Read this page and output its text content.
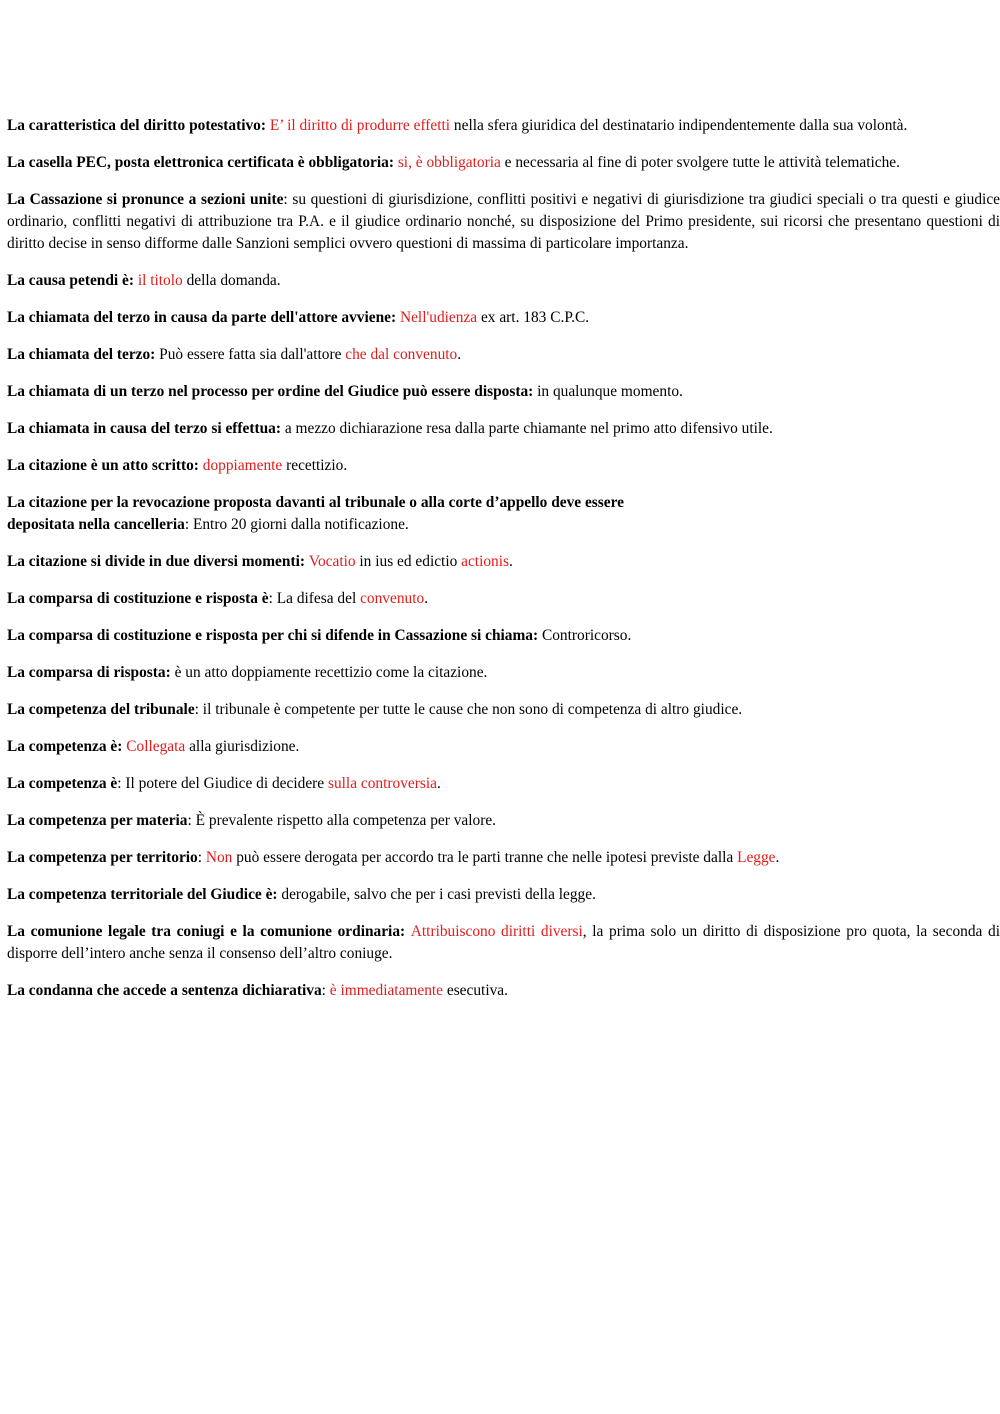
La caratteristica del diritto potestativo: E’ il diritto di produrre effetti nella sfera giuridica del destinatario indipendentemente dalla sua volontà.

La casella PEC, posta elettronica certificata è obbligatoria: si, è obbligatoria e necessaria al fine di poter svolgere tutte le attività telematiche.

La Cassazione si pronunce a sezioni unite: su questioni di giurisdizione, conflitti positivi e negativi di giurisdizione tra giudici speciali o tra questi e giudice ordinario, conflitti negativi di attribuzione tra P.A. e il giudice ordinario nonché, su disposizione del Primo presidente, sui ricorsi che presentano questioni di diritto decise in senso difforme dalle Sanzioni semplici ovvero questioni di massima di particolare importanza.

La causa petendi è: il titolo della domanda.

La chiamata del terzo in causa da parte dell'attore avviene: Nell'udienza ex art. 183 C.P.C.

La chiamata del terzo: Può essere fatta sia dall'attore che dal convenuto.

La chiamata di un terzo nel processo per ordine del Giudice può essere disposta: in qualunque momento.

La chiamata in causa del terzo si effettua: a mezzo dichiarazione resa dalla parte chiamante nel primo atto difensivo utile.

La citazione è un atto scritto: doppiamente recettizio.

La citazione per la revocazione proposta davanti al tribunale o alla corte d’appello deve essere
depositata nella cancelleria: Entro 20 giorni dalla notificazione.

La citazione si divide in due diversi momenti: Vocatio in ius ed edictio actionis.

La comparsa di costituzione e risposta è: La difesa del convenuto.

La comparsa di costituzione e risposta per chi si difende in Cassazione si chiama: Controricorso.

La comparsa di risposta: è un atto doppiamente recettizio come la citazione.

La competenza del tribunale: il tribunale è competente per tutte le cause che non sono di competenza di altro giudice.

La competenza è: Collegata alla giurisdizione.

La competenza è: Il potere del Giudice di decidere sulla controversia.

La competenza per materia: È prevalente rispetto alla competenza per valore.

La competenza per territorio: Non può essere derogata per accordo tra le parti tranne che nelle ipotesi previste dalla Legge.

La competenza territoriale del Giudice è: derogabile, salvo che per i casi previsti della legge.

La comunione legale tra coniugi e la comunione ordinaria: Attribuiscono diritti diversi, la prima solo un diritto di disposizione pro quota, la seconda di disporre dell’intero anche senza il consenso dell’altro coniuge.

La condanna che accede a sentenza dichiarativa: è immediatamente esecutiva.
